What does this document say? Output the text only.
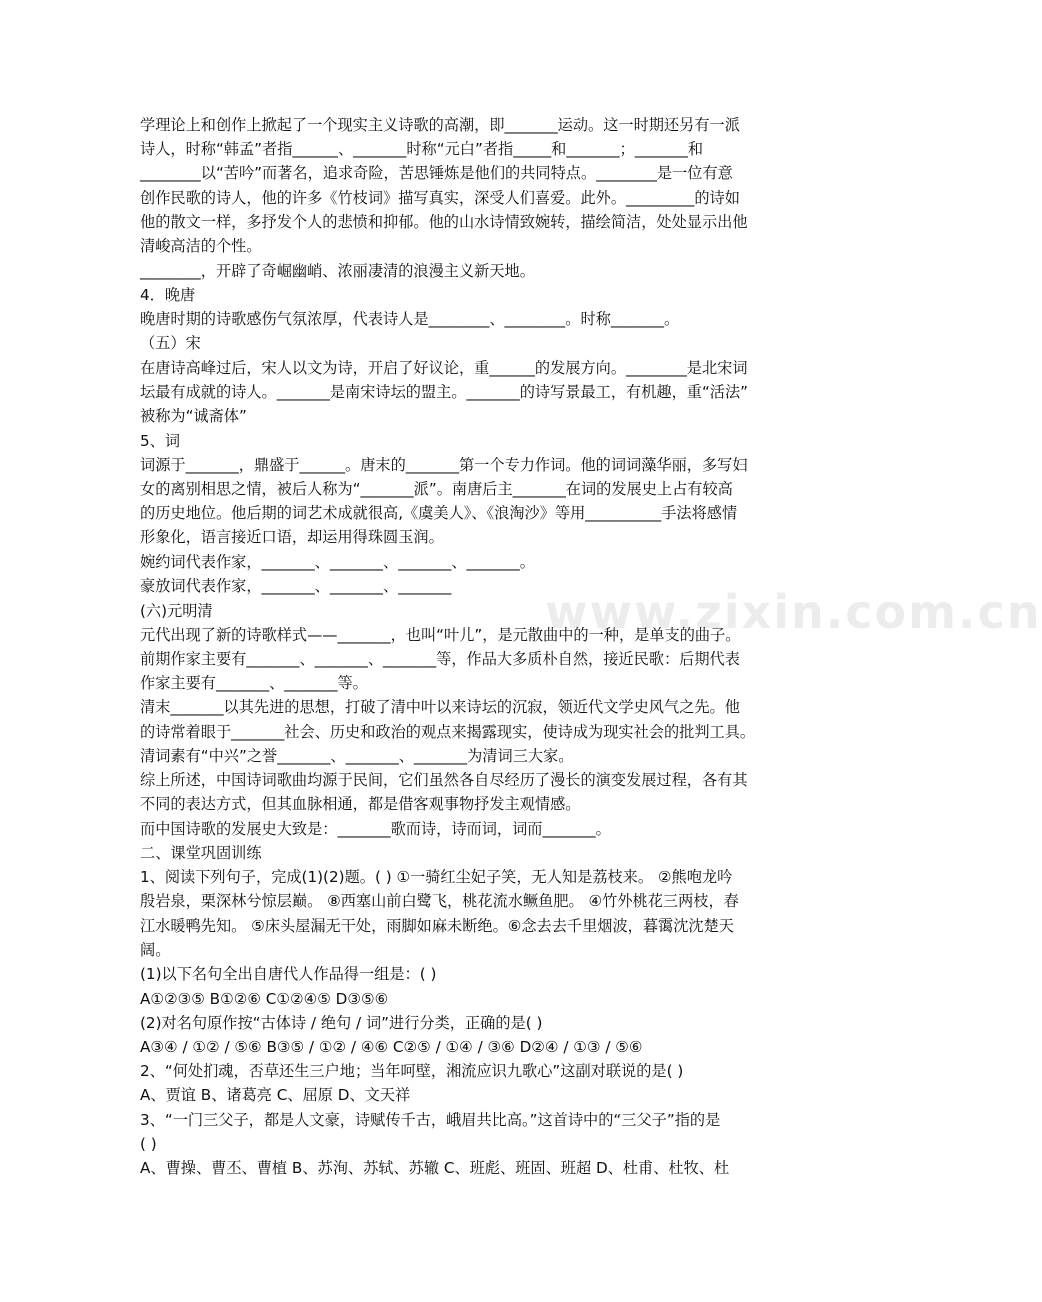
www.zixin.com.cn
学理论上和创作上掀起了一个现实主义诗歌的高潮，即_______运动。这一时期还另有一派
诗人，时称“韩孟”者指______、_______时称“元白”者指_____和_______；_______和
________以“苦吟”而著名，追求奇险，苦思锤炼是他们的共同特点。________是一位有意
创作民歌的诗人，他的许多《竹枝词》描写真实，深受人们喜爱。此外。_________的诗如
他的散文一样，多抒发个人的悲愤和抑郁。他的山水诗情致婉转，描绘简洁，处处显示出他
清峻高洁的个性。
________，开辟了奇崛幽峭、浓丽凄清的浪漫主义新天地。
4．晚唐
晚唐时期的诗歌感伤气氛浓厚，代表诗人是________、________。时称_______。
（五）宋
在唐诗高峰过后，宋人以文为诗，开启了好议论，重______的发展方向。________是北宋词
坛最有成就的诗人。_______是南宋诗坛的盟主。_______的诗写景最工，有机趣，重“活法”
被称为“诚斋体”
5、词
词源于_______，鼎盛于______。唐末的_______第一个专力作词。他的词词藻华丽，多写妇
女的离别相思之情，被后人称为“_______派”。南唐后主_______在词的发展史上占有较高
的历史地位。他后期的词艺术成就很高,《虞美人》、《浪淘沙》等用__________手法将感情
形象化，语言接近口语，却运用得珠圆玉润。
婉约词代表作家，_______、_______、_______、_______。
豪放词代表作家，_______、_______、_______
(六)元明清
元代出现了新的诗歌样式——_______，也叫“叶儿”，是元散曲中的一种，是单支的曲子。
前期作家主要有_______、_______、_______等，作品大多质朴自然，接近民歌：后期代表
作家主要有_______、_______等。
清末_______以其先进的思想，打破了清中叶以来诗坛的沉寂，领近代文学史风气之先。他
的诗常着眼于_______社会、历史和政治的观点来揭露现实，使诗成为现实社会的批判工具。
清词素有“中兴”之誉_______、_______、_______为清词三大家。
综上所述，中国诗词歌曲均源于民间，它们虽然各自尽经历了漫长的演变发展过程，各有其
不同的表达方式，但其血脉相通，都是借客观事物抒发主观情感。
而中国诗歌的发展史大致是：_______歌而诗，诗而词，词而_______。
二、课堂巩固训练
1、阅读下列句子，完成(1)(2)题。( ) ①一骑红尘妃子笑，无人知是荔枝来。 ②熊咆龙吟
殷岩泉，栗深林兮惊层巅。 ⑧西塞山前白鹭飞，桃花流水鳜鱼肥。 ④竹外桃花三两枝，春
江水暖鸭先知。 ⑤床头屋漏无干处，雨脚如麻未断绝。⑥念去去千里烟波，暮霭沈沈楚天
阔。
(1)以下名句全出自唐代人作品得一组是：( )
A①②③⑤ B①②⑥ C①②④⑤ D③⑤⑥
(2)对名句原作按“古体诗 / 绝句 / 词”进行分类，正确的是( )
A③④ / ①② / ⑤⑥ B③⑤ / ①② / ④⑥ C②⑤ / ①④ / ③⑥ D②④ / ①③ / ⑤⑥
2、“何处扪魂，否草还生三户地；当年呵壁，湘流应识九歌心”这副对联说的是( )
A、贾谊 B、诸葛亮 C、屈原 D、文天祥
3、“一门三父子，都是人文豪，诗赋传千古，峨眉共比高。”这首诗中的“三父子”指的是
( )
A、曹操、曹丕、曹植 B、苏洵、苏轼、苏辙 C、班彪、班固、班超 D、杜甫、杜牧、杜
